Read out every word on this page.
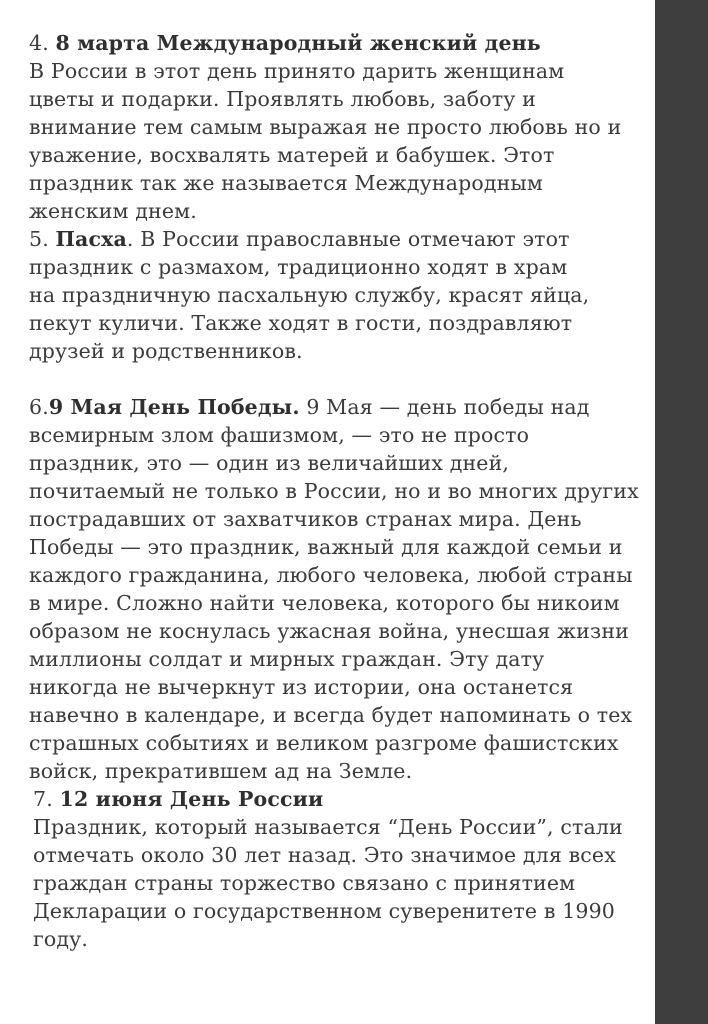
4. 8 марта Международный женский день
В России в этот день принято дарить женщинам
цветы и подарки. Проявлять любовь, заботу и
внимание тем самым выражая не просто любовь но и
уважение, восхвалять матерей и бабушек. Этот
праздник так же называется Международным
женским днем.
5. Пасха. В России православные отмечают этот
праздник с размахом, традиционно ходят в храм
на праздничную пасхальную службу, красят яйца,
пекут куличи. Также ходят в гости, поздравляют
друзей и родственников.
6.9 Мая День Победы. 9 Мая — день победы над
всемирным злом фашизмом, — это не просто
праздник, это — один из величайших дней,
почитаемый не только в России, но и во многих других
пострадавших от захватчиков странах мира. День
Победы — это праздник, важный для каждой семьи и
каждого гражданина, любого человека, любой страны
в мире. Сложно найти человека, которого бы никоим
образом не коснулась ужасная война, унесшая жизни
миллионы солдат и мирных граждан. Эту дату
никогда не вычеркнут из истории, она останется
навечно в календаре, и всегда будет напоминать о тех
страшных событиях и великом разгроме фашистских
войск, прекратившем ад на Земле.
7. 12 июня День России
Праздник, который называется “День России”, стали
отмечать около 30 лет назад. Это значимое для всех
граждан страны торжество связано с принятием
Декларации о государственном суверенитете в 1990
году.
